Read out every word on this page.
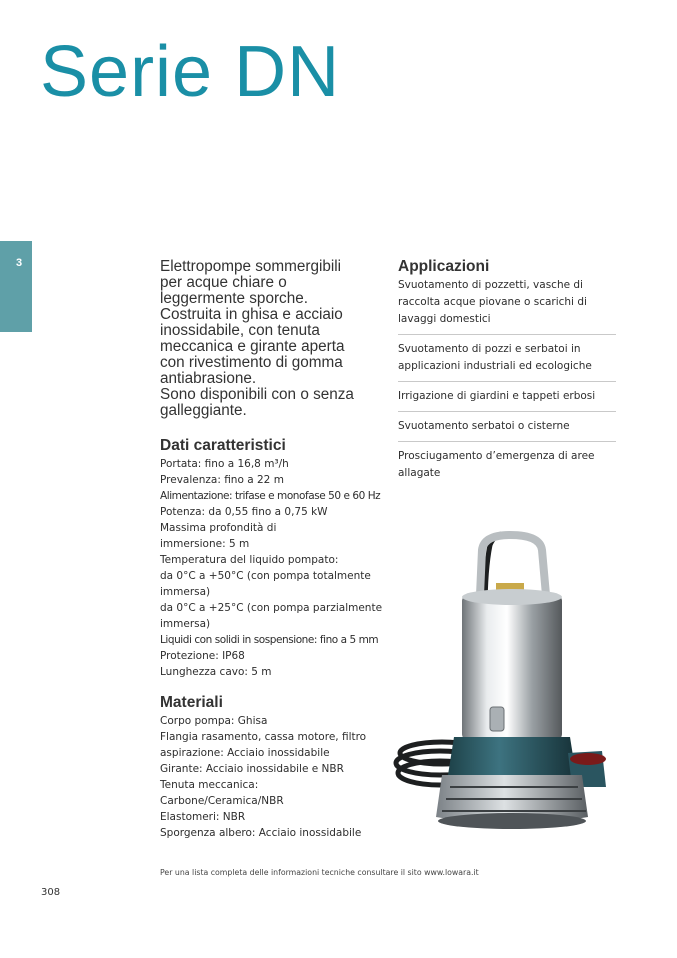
Serie DN
3	Elettropompe sommergibili
per acque chiare o
leggermente sporche.
Costruita in ghisa e acciaio
inossidabile, con tenuta
meccanica e girante aperta
con rivestimento di gomma
antiabrasione.
Sono disponibili con o senza
galleggiante.

Dati caratteristici
Portata: fino a 16,8 m³/h
Prevalenza: fino a 22 m
Alimentazione: trifase e monofase 50 e 60 Hz
Potenza: da 0,55 fino a 0,75 kW
Massima profondità di
immersione: 5 m
Temperatura del liquido pompato:
da 0°C a +50°C (con pompa totalmente
immersa)
da 0°C a +25°C (con pompa parzialmente
immersa)
Liquidi con solidi in sospensione: fino a 5 mm
Protezione: IP68
Lunghezza cavo: 5 m
Materiali
Corpo pompa: Ghisa
Flangia rasamento, cassa motore, filtro
aspirazione: Acciaio inossidabile
Girante: Acciaio inossidabile e NBR
Tenuta meccanica:
Carbone/Ceramica/NBR
Elastomeri: NBR
Sporgenza albero: Acciaio inossidabile
Applicazioni
Svuotamento di pozzetti, vasche di
raccolta acque piovane o scarichi di
lavaggi domestici
Svuotamento di pozzi e serbatoi in
applicazioni industriali ed ecologiche
Irrigazione di giardini e tappeti erbosi
Svuotamento serbatoi o cisterne
Prosciugamento d’emergenza di aree
allagate
Per una lista completa delle informazioni tecniche consultare il sito www.lowara.it
308
